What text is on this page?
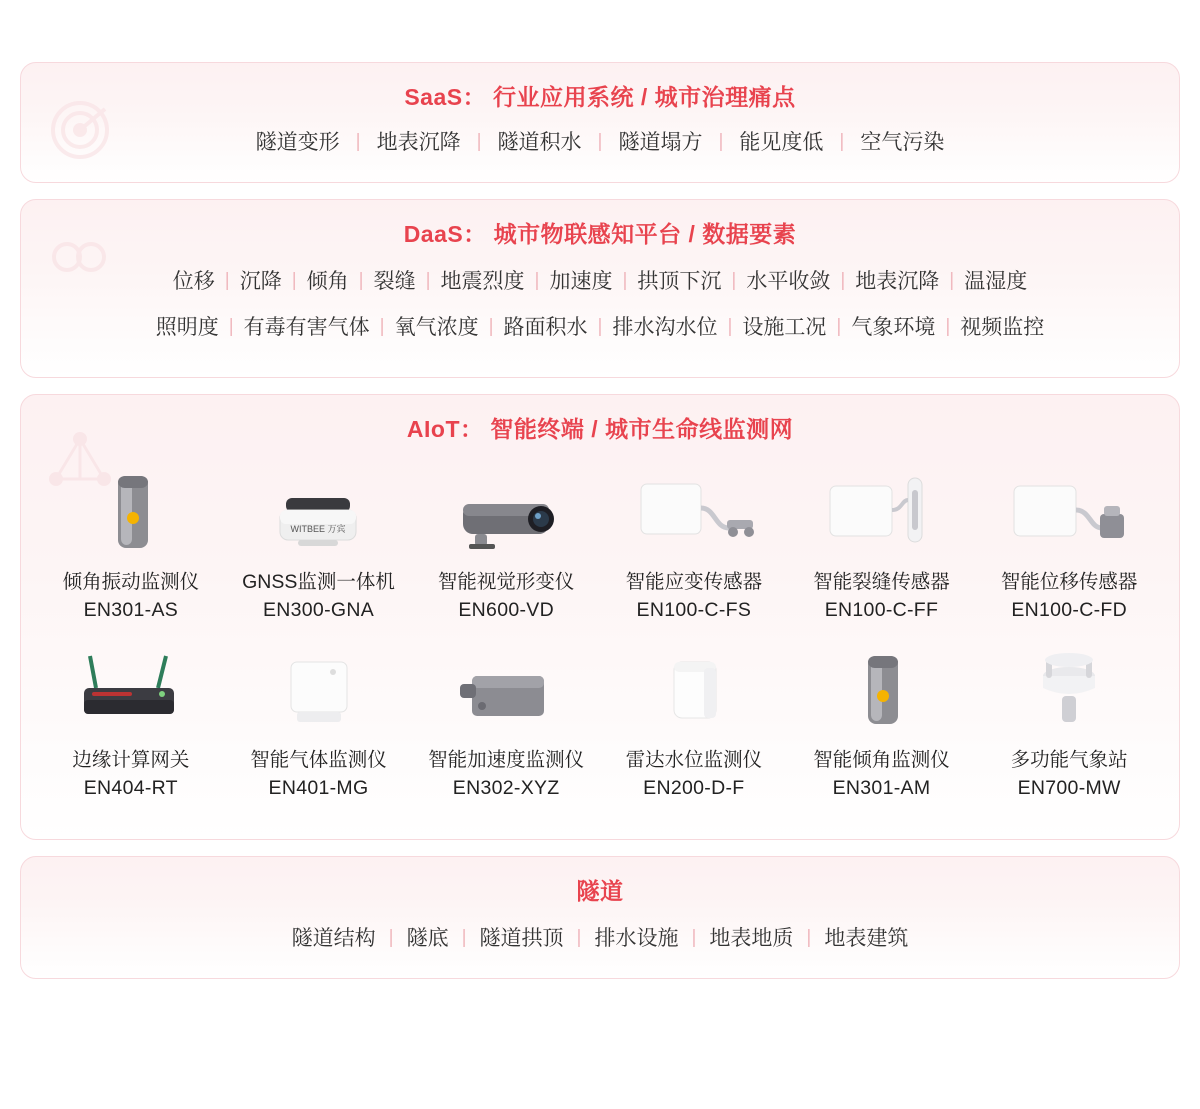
SaaS： 行业应用系统 / 城市治理痛点
隧道变形 | 地表沉降 | 隧道积水 | 隧道塌方 | 能见度低 | 空气污染
DaaS： 城市物联感知平台 / 数据要素
位移 | 沉降 | 倾角 | 裂缝 | 地震烈度 | 加速度 | 拱顶下沉 | 水平收敛 | 地表沉降 | 温湿度
照明度 | 有毒有害气体 | 氧气浓度 | 路面积水 | 排水沟水位 | 设施工况 | 气象环境 | 视频监控
AIoT： 智能终端 / 城市生命线监测网
倾角振动监测仪
EN301-AS
WITBEE 万宾
GNSS监测一体机
EN300-GNA
智能视觉形变仪
EN600-VD
智能应变传感器
EN100-C-FS
智能裂缝传感器
EN100-C-FF
智能位移传感器
EN100-C-FD
边缘计算网关
EN404-RT
智能气体监测仪
EN401-MG
智能加速度监测仪
EN302-XYZ
雷达水位监测仪
EN200-D-F
智能倾角监测仪
EN301-AM
多功能气象站
EN700-MW
隧道
隧道结构 | 隧底 | 隧道拱顶 | 排水设施 | 地表地质 | 地表建筑
